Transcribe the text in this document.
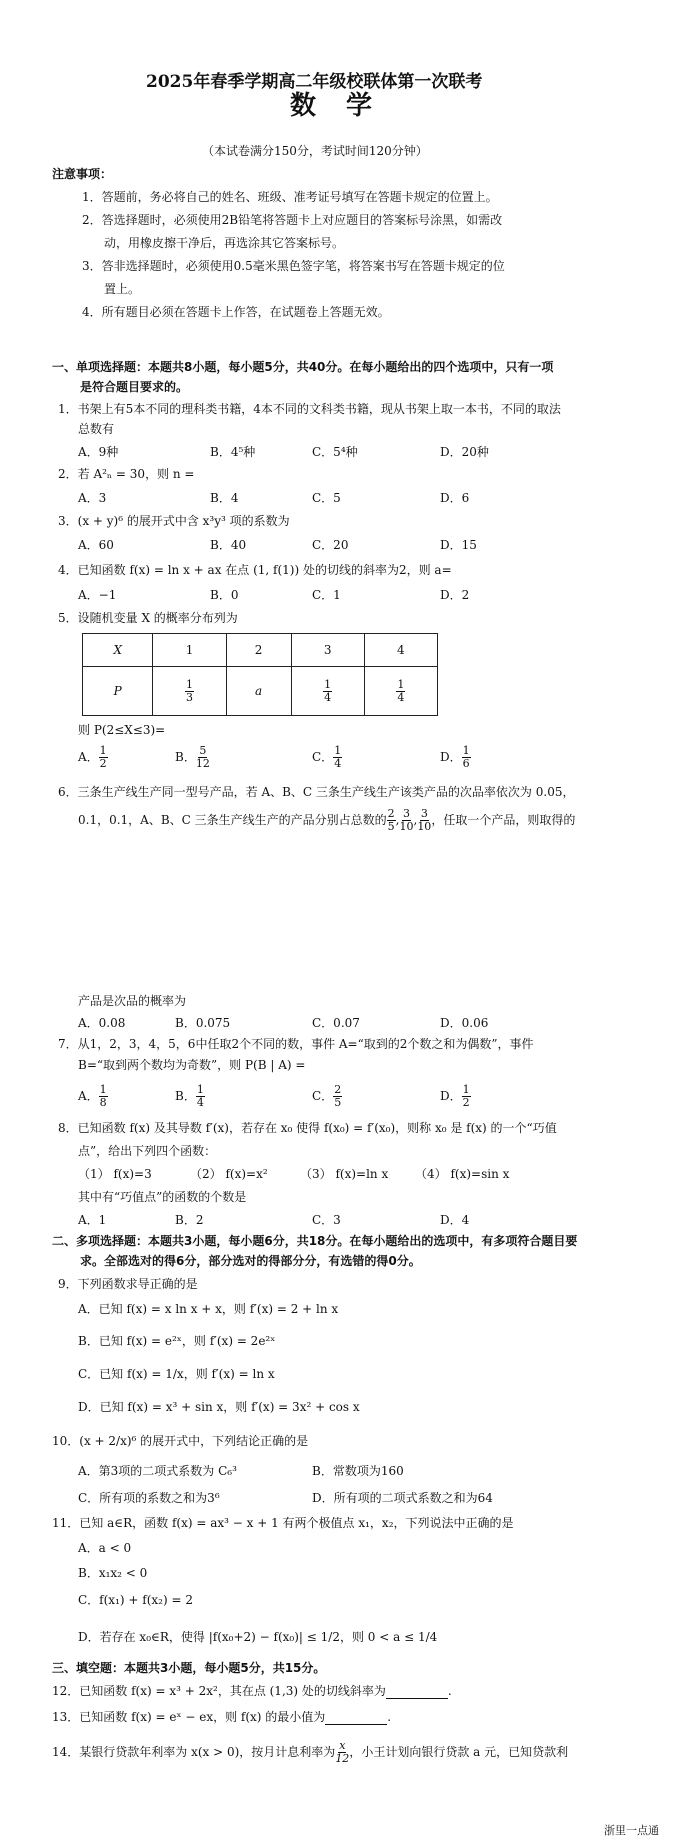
2025年春季学期高二年级校联体第一次联考
数学
（本试卷满分150分，考试时间120分钟）
注意事项：
1．答题前，务必将自己的姓名、班级、准考证号填写在答题卡规定的位置上。
2．答选择题时，必须使用2B铅笔将答题卡上对应题目的答案标号涂黑，如需改
动，用橡皮擦干净后，再选涂其它答案标号。
3．答非选择题时，必须使用0.5毫米黑色签字笔，将答案书写在答题卡规定的位
置上。
4．所有题目必须在答题卡上作答，在试题卷上答题无效。
一、单项选择题：本题共8小题，每小题5分，共40分。在每小题给出的四个选项中，只有一项
是符合题目要求的。
1．书架上有5本不同的理科类书籍，4本不同的文科类书籍，现从书架上取一本书，不同的取法
总数有
A．9种	B．4⁵种	C．5⁴种	D．20种
2．若 A²ₙ = 30，则 n =
A．3	B．4	C．5	D．6
3．(x + y)⁶ 的展开式中含 x³y³ 项的系数为
A．60	B．40	C．20	D．15
4．已知函数 f(x) = ln x + ax 在点 (1, f(1)) 处的切线的斜率为2，则 a=
A．−1	B．0	C．1	D．2
5．设随机变量 X 的概率分布列为
X	1	2	3	4
P	$\frac{1}{3}$	a	$\frac{1}{4}$	$\frac{1}{4}$
则 P(2≤X≤3)=
A． $\frac{1}{2}$	B． $\frac{5}{12}$	C． $\frac{1}{4}$	D． $\frac{1}{6}$
6．三条生产线生产同一型号产品，若 A、B、C 三条生产线生产该类产品的次品率依次为 0.05，
0.1，0.1，A、B、C 三条生产线生产的产品分别占总数的 $\frac{2}{5}$ , $\frac{3}{10}$ , $\frac{3}{10}$ ，任取一个产品，则取得的
产品是次品的概率为
A．0.08	B．0.075	C．0.07	D．0.06
7．从1，2，3，4，5，6中任取2个不同的数，事件 A=“取到的2个数之和为偶数”，事件
B=“取到两个数均为奇数”，则 P(B | A) =
A． $\frac{1}{8}$	B． $\frac{1}{4}$	C． $\frac{2}{5}$	D． $\frac{1}{2}$
8．已知函数 f(x) 及其导数 f′(x)，若存在 x₀ 使得 f(x₀) = f′(x₀)，则称 x₀ 是 f(x) 的一个“巧值
点”，给出下列四个函数：
（1） f(x)=3	（2） f(x)=x²	（3） f(x)=ln x （4） f(x)=sin x
其中有“巧值点”的函数的个数是
A．1	B．2	C．3	D．4
二、多项选择题：本题共3小题，每小题6分，共18分。在每小题给出的选项中，有多项符合题目要
求。全部选对的得6分，部分选对的得部分分，有选错的得0分。
9．下列函数求导正确的是
A．已知 f(x) = x ln x + x，则 f′(x) = 2 + ln x
B．已知 f(x) = e²ˣ，则 f′(x) = 2e²ˣ
C．已知 f(x) = 1/x，则 f′(x) = ln x
D．已知 f(x) = x³ + sin x，则 f′(x) = 3x² + cos x
10．(x + 2/x)⁶ 的展开式中，下列结论正确的是
A．第3项的二项式系数为 C₆³	B．常数项为160
C．所有项的系数之和为3⁶	D．所有项的二项式系数之和为64
11．已知 a∈R，函数 f(x) = ax³ − x + 1 有两个极值点 x₁，x₂，下列说法中正确的是
A．a < 0
B．x₁x₂ < 0
C．f(x₁) + f(x₂) = 2
D．若存在 x₀∈R，使得 |f(x₀+2) − f(x₀)| ≤ 1/2，则 0 < a ≤ 1/4
三、填空题：本题共3小题，每小题5分，共15分。
12．已知函数 f(x) = x³ + 2x²，其在点 (1,3) 处的切线斜率为	.
13．已知函数 f(x) = eˣ − ex，则 f(x) 的最小值为	.
14．某银行贷款年利率为 x(x > 0)，按月计息利率为 $\frac{x}{12}$ ，小王计划向银行贷款 a 元，已知贷款利
浙里一点通
